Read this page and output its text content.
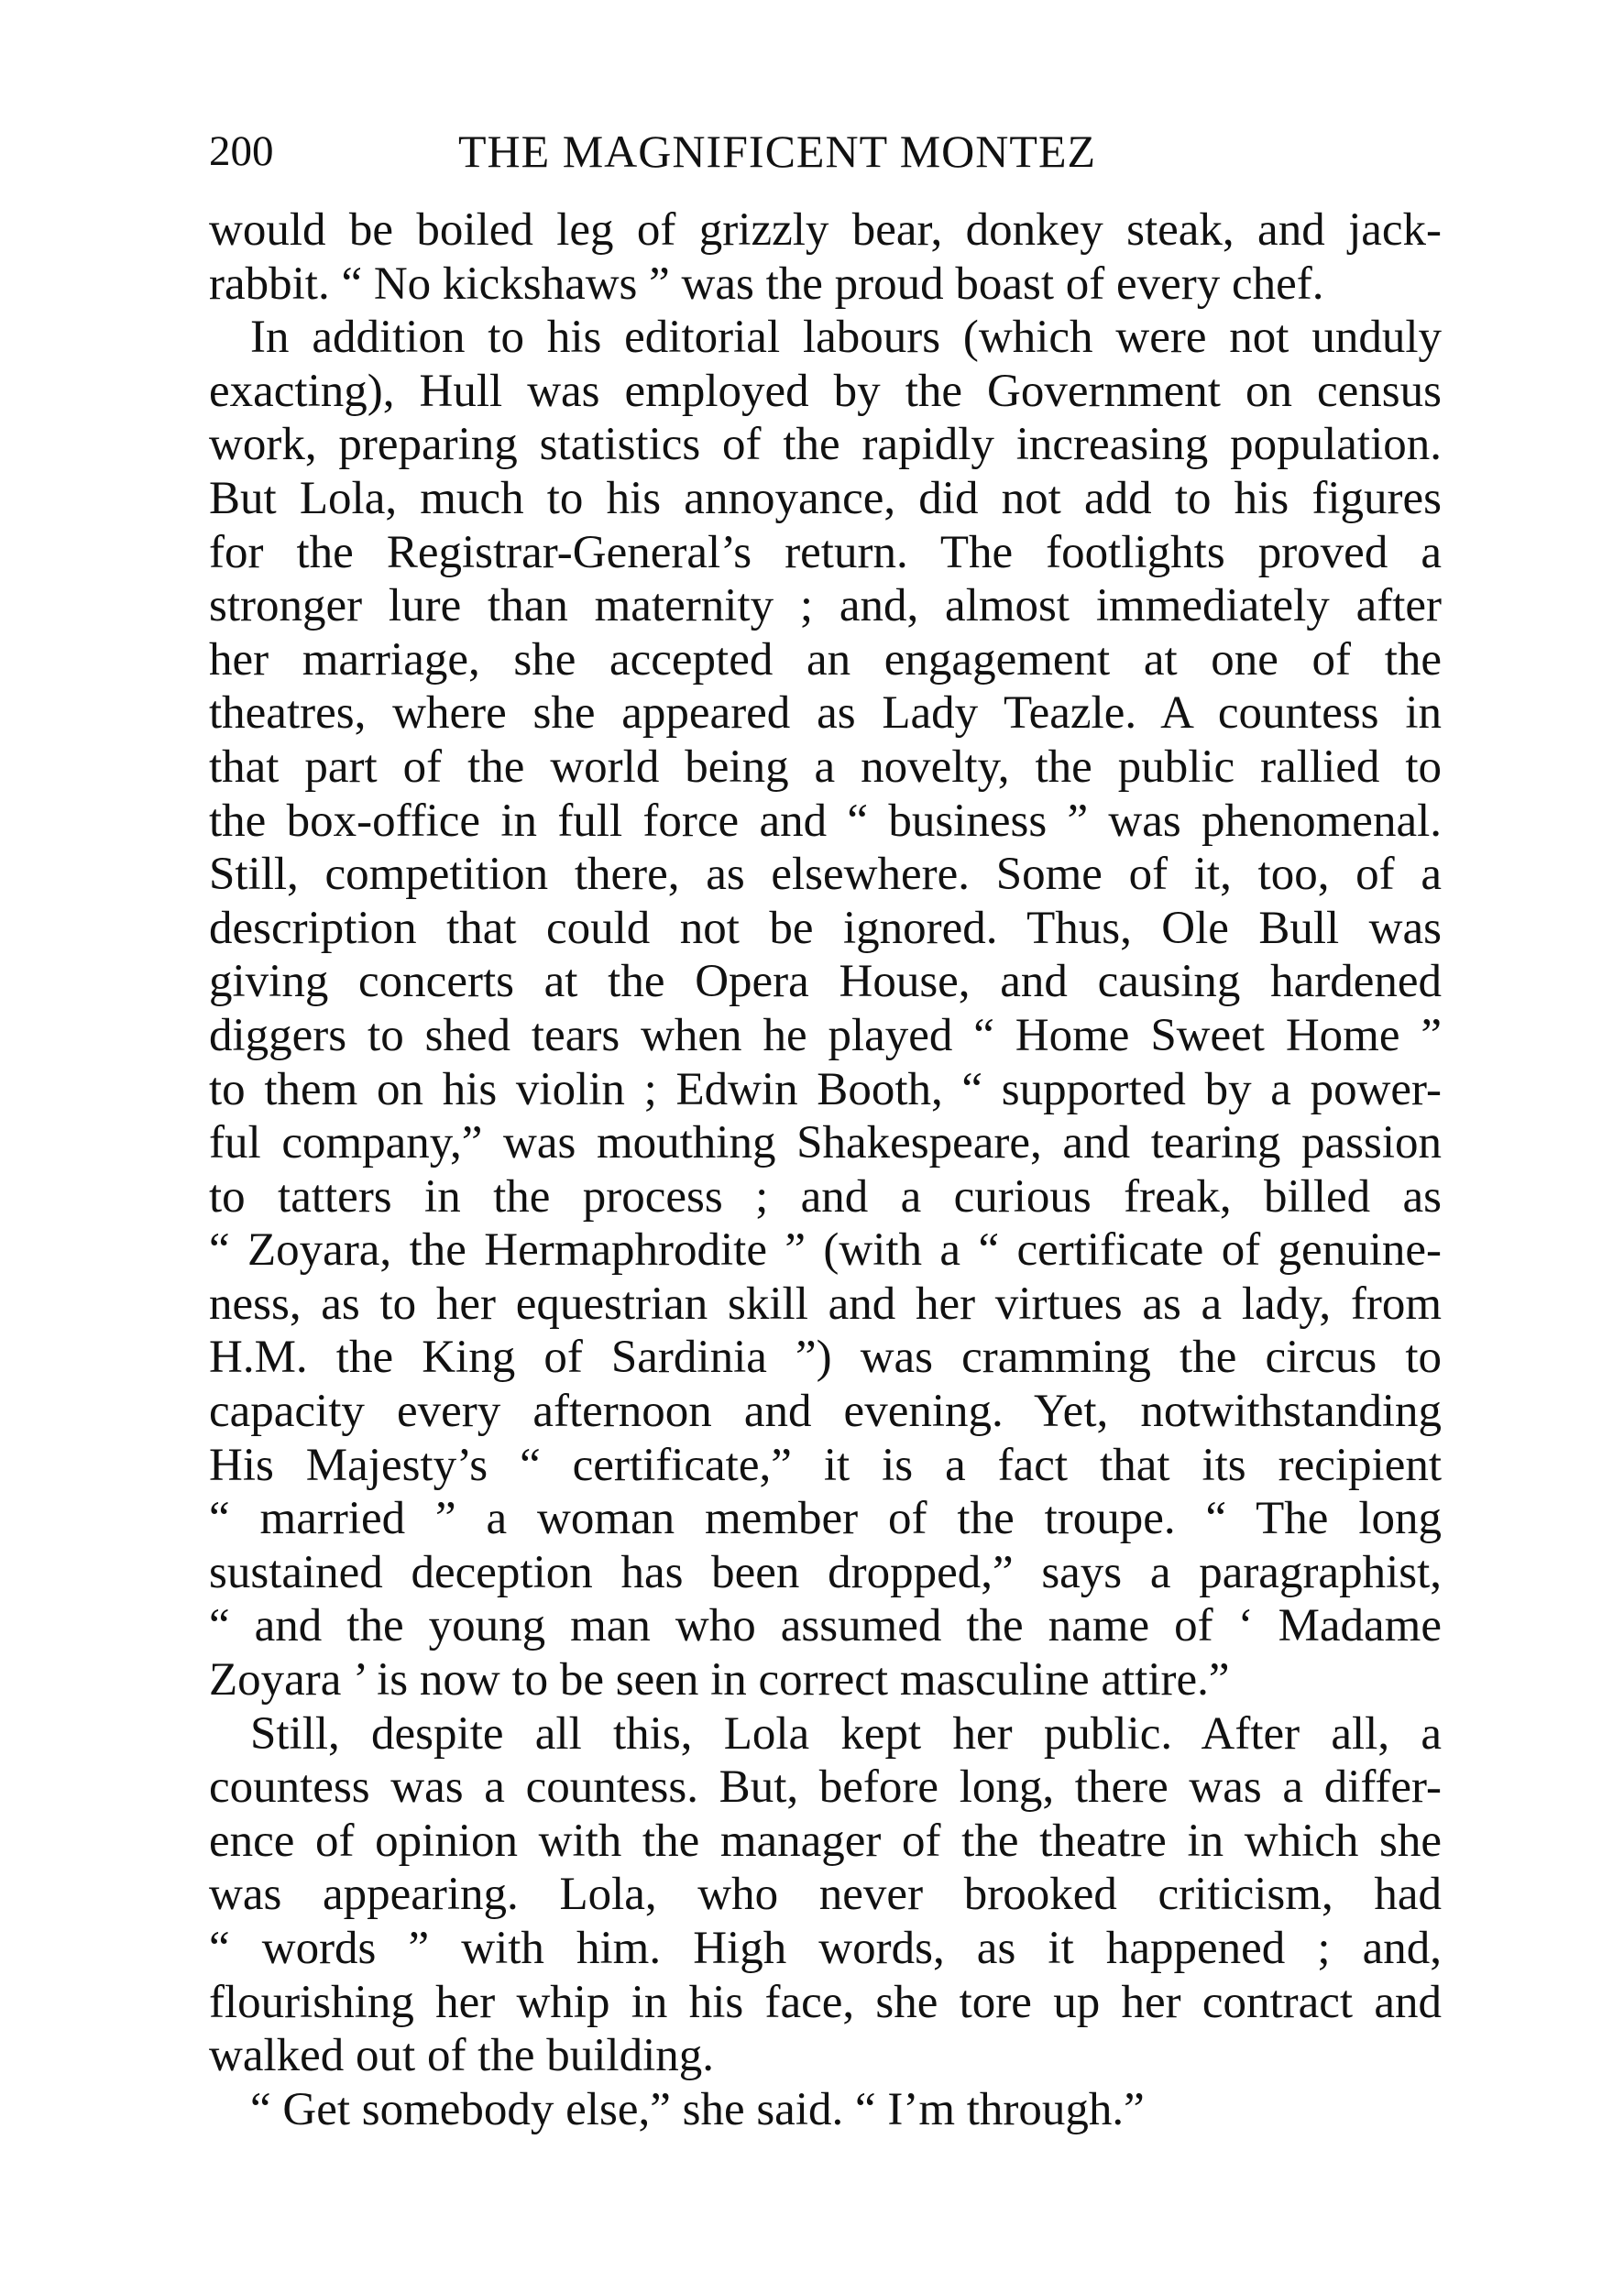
200	THE MAGNIFICENT MONTEZ
would be boiled leg of grizzly bear, donkey steak, and jack-
rabbit. “ No kickshaws ” was the proud boast of every chef.
In addition to his editorial labours (which were not unduly
exacting), Hull was employed by the Government on census
work, preparing statistics of the rapidly increasing population.
But Lola, much to his annoyance, did not add to his figures
for the Registrar-General’s return. The footlights proved a
stronger lure than maternity ; and, almost immediately after
her marriage, she accepted an engagement at one of the
theatres, where she appeared as Lady Teazle. A countess in
that part of the world being a novelty, the public rallied to
the box-office in full force and “ business ” was phenomenal.
Still, competition there, as elsewhere. Some of it, too, of a
description that could not be ignored. Thus, Ole Bull was
giving concerts at the Opera House, and causing hardened
diggers to shed tears when he played “ Home Sweet Home ”
to them on his violin ; Edwin Booth, “ supported by a power-
ful company,” was mouthing Shakespeare, and tearing passion
to tatters in the process ; and a curious freak, billed as
“ Zoyara, the Hermaphrodite ” (with a “ certificate of genuine-
ness, as to her equestrian skill and her virtues as a lady, from
H.M. the King of Sardinia ”) was cramming the circus to
capacity every afternoon and evening. Yet, notwithstanding
His Majesty’s “ certificate,” it is a fact that its recipient
“ married ” a woman member of the troupe. “ The long
sustained deception has been dropped,” says a paragraphist,
“ and the young man who assumed the name of ‘ Madame
Zoyara ’ is now to be seen in correct masculine attire.”
Still, despite all this, Lola kept her public. After all, a
countess was a countess. But, before long, there was a differ-
ence of opinion with the manager of the theatre in which she
was appearing. Lola, who never brooked criticism, had
“ words ” with him. High words, as it happened ; and,
flourishing her whip in his face, she tore up her contract and
walked out of the building.
“ Get somebody else,” she said. “ I’m through.”
